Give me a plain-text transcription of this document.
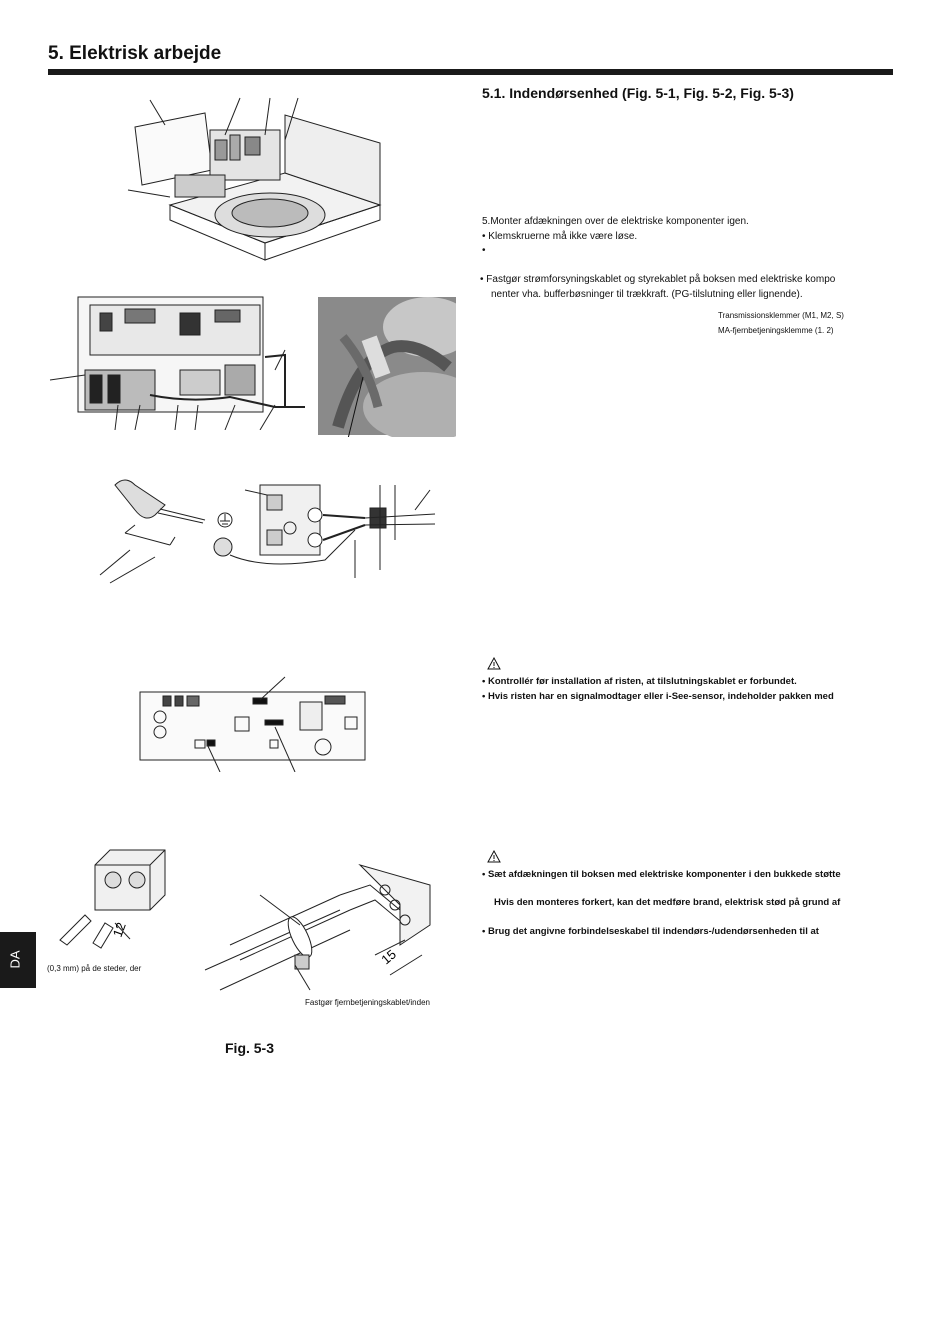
5. Elektrisk arbejde
5.1. Indendørsenhed (Fig. 5-1, Fig. 5-2, Fig. 5-3)
5.Monter afdækningen over de elektriske komponenter igen.
• Klemskruerne må ikke være løse.
•
• Fastgør strømforsyningskablet og styrekablet på boksen med elektriske kompo
nenter vha. bufferbøsninger til trækkraft. (PG-tilslutning eller lignende).
Transmissionsklemmer (M1, M2, S)
MA-fjernbetjeningsklemme (1. 2)
• Kontrollér før installation af risten, at tilslutningskablet er forbundet.
• Hvis risten har en signalmodtager eller i-See-sensor, indeholder pakken med
• Sæt afdækningen til boksen med elektriske komponenter i den bukkede støtte
Hvis den monteres forkert, kan det medføre brand, elektrisk stød på grund af
• Brug det angivne forbindelseskabel til indendørs-/udendørsenheden til at
12
(0,3 mm) på de steder, der
15
Fastgør fjernbetjeningskablet/inden
Fig. 5-3
DA
